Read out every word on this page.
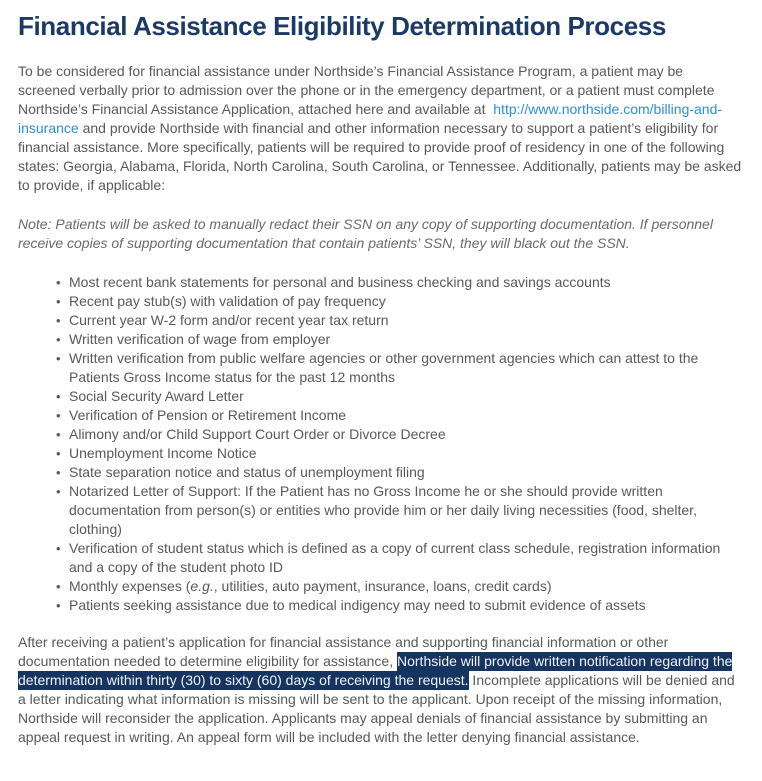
Financial Assistance Eligibility Determination Process

To be considered for financial assistance under Northside’s Financial Assistance Program, a patient may be screened verbally prior to admission over the phone or in the emergency department, or a patient must complete Northside’s Financial Assistance Application, attached here and available at  http://www.northside.com/billing-and-insurance and provide Northside with financial and other information necessary to support a patient’s eligibility for financial assistance. More specifically, patients will be required to provide proof of residency in one of the following states: Georgia, Alabama, Florida, North Carolina, South Carolina, or Tennessee. Additionally, patients may be asked to provide, if applicable:

Note: Patients will be asked to manually redact their SSN on any copy of supporting documentation. If personnel receive copies of supporting documentation that contain patients’ SSN, they will black out the SSN.

• Most recent bank statements for personal and business checking and savings accounts
• Recent pay stub(s) with validation of pay frequency
• Current year W-2 form and/or recent year tax return
• Written verification of wage from employer
• Written verification from public welfare agencies or other government agencies which can attest to the Patients Gross Income status for the past 12 months
• Social Security Award Letter
• Verification of Pension or Retirement Income
• Alimony and/or Child Support Court Order or Divorce Decree
• Unemployment Income Notice
• State separation notice and status of unemployment filing
• Notarized Letter of Support: If the Patient has no Gross Income he or she should provide written documentation from person(s) or entities who provide him or her daily living necessities (food, shelter, clothing)
• Verification of student status which is defined as a copy of current class schedule, registration information and a copy of the student photo ID
• Monthly expenses (e.g., utilities, auto payment, insurance, loans, credit cards)
• Patients seeking assistance due to medical indigency may need to submit evidence of assets

After receiving a patient’s application for financial assistance and supporting financial information or other documentation needed to determine eligibility for assistance, Northside will provide written notification regarding the determination within thirty (30) to sixty (60) days of receiving the request. Incomplete applications will be denied and a letter indicating what information is missing will be sent to the applicant. Upon receipt of the missing information, Northside will reconsider the application. Applicants may appeal denials of financial assistance by submitting an appeal request in writing. An appeal form will be included with the letter denying financial assistance.
